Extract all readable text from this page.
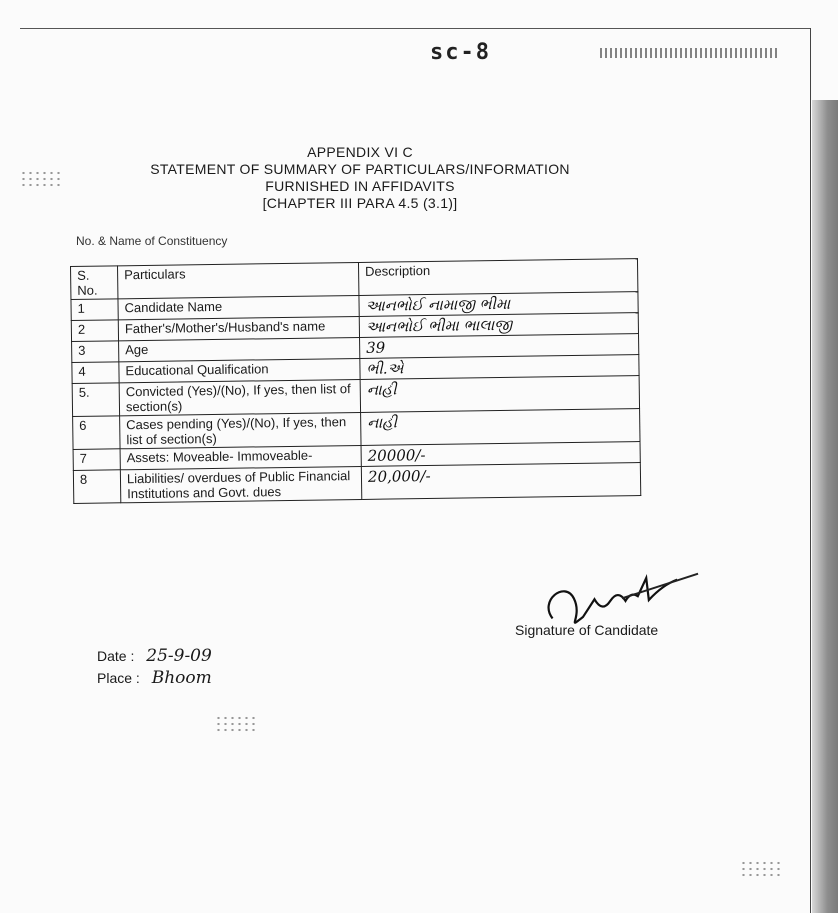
sc-8
APPENDIX VI C
STATEMENT OF SUMMARY OF PARTICULARS/INFORMATION
FURNISHED IN AFFIDAVITS
[CHAPTER III PARA 4.5 (3.1)]
No. & Name of Constituency
S. No.	Particulars	Description
1	Candidate Name	આનભોઈ નામાજી ભીમા
2	Father's/Mother's/Husband's name	આનભોઈ ભીમા ભાલાજી
3	Age	39
4	Educational Qualification	ભી.એ
5.	Convicted (Yes)/(No), If yes, then list of section(s)	નાહી
6	Cases pending (Yes)/(No), If yes, then list of section(s)	નાહી
7	Assets: Moveable- Immoveable-	20000/-
8	Liabilities/ overdues of Public Financial Institutions and Govt. dues	20,000/-
Signature of Candidate
Date : 25-9-09
Place : Bhoom
